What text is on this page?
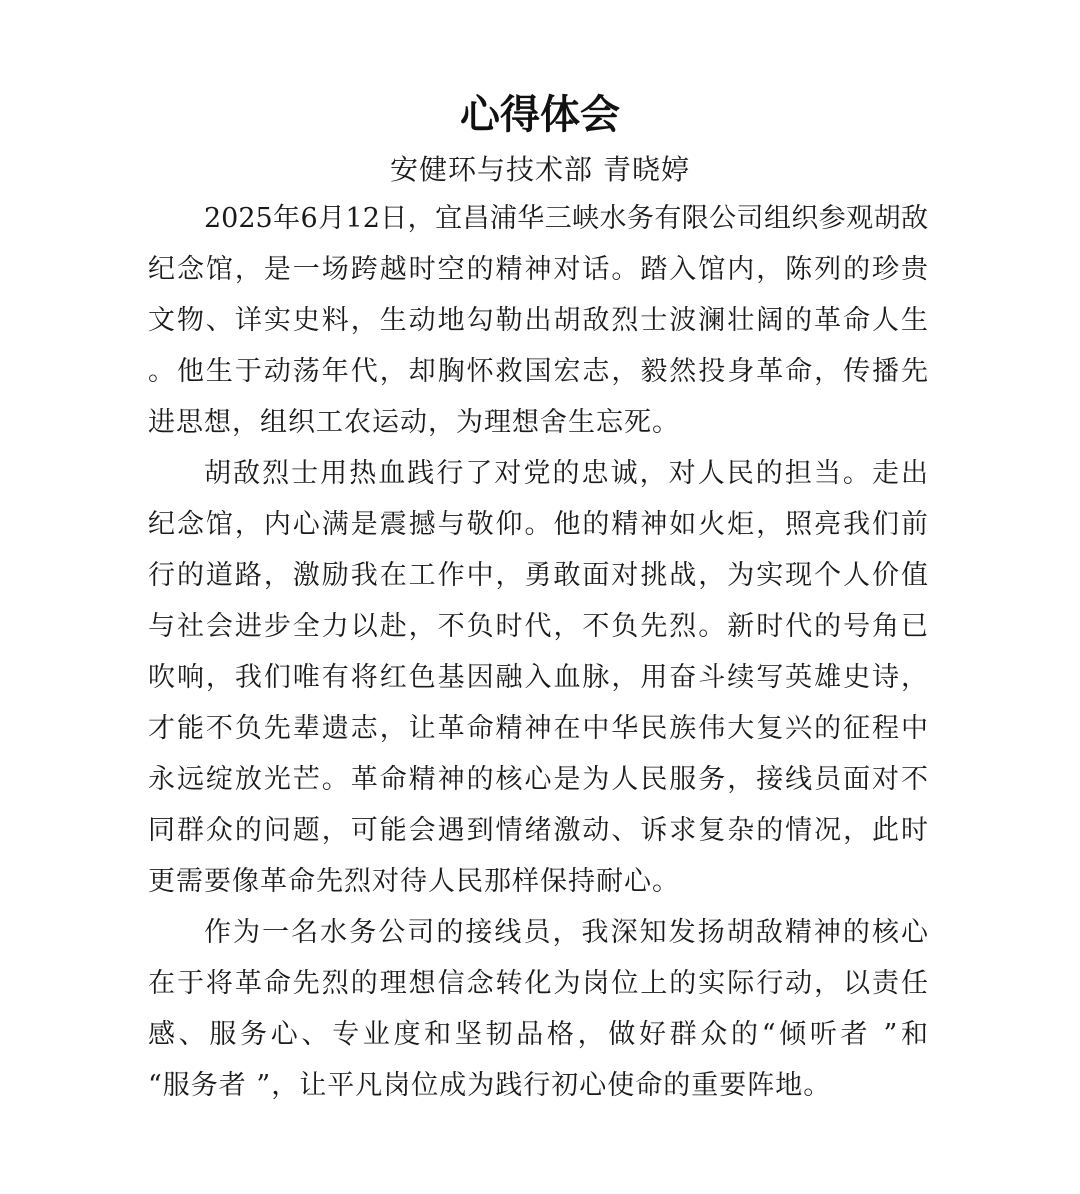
心得体会
安健环与技术部 青晓婷
2025年6月12日，宜昌浦华三峡水务有限公司组织参观胡敌
纪念馆，是一场跨越时空的精神对话。踏入馆内，陈列的珍贵
文物、详实史料，生动地勾勒出胡敌烈士波澜壮阔的革命人生
。他生于动荡年代，却胸怀救国宏志，毅然投身革命，传播先
进思想，组织工农运动，为理想舍生忘死。
胡敌烈士用热血践行了对党的忠诚，对人民的担当。走出
纪念馆，内心满是震撼与敬仰。他的精神如火炬，照亮我们前
行的道路，激励我在工作中，勇敢面对挑战，为实现个人价值
与社会进步全力以赴，不负时代，不负先烈。新时代的号角已
吹响，我们唯有将红色基因融入血脉，用奋斗续写英雄史诗，
才能不负先辈遗志，让革命精神在中华民族伟大复兴的征程中
永远绽放光芒。革命精神的核心是为人民服务，接线员面对不
同群众的问题，可能会遇到情绪激动、诉求复杂的情况，此时
更需要像革命先烈对待人民那样保持耐心。
作为一名水务公司的接线员，我深知发扬胡敌精神的核心
在于将革命先烈的理想信念转化为岗位上的实际行动，以责任
感、服务心、专业度和坚韧品格，做好群众的“倾听者 ”和
“服务者 ”，让平凡岗位成为践行初心使命的重要阵地。
